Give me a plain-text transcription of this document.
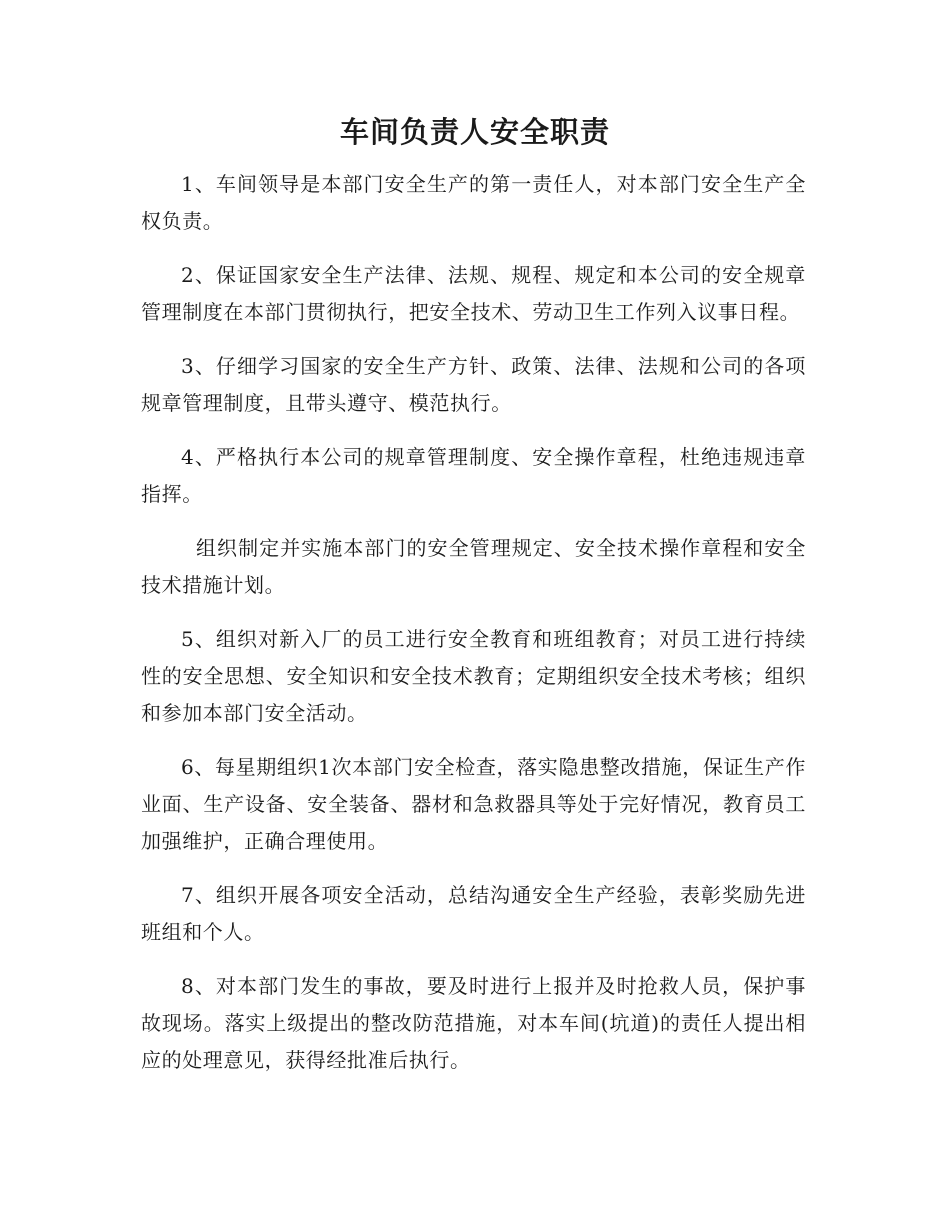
车间负责人安全职责

1、车间领导是本部门安全生产的第一责任人，对本部门安全生产全权负责。

2、保证国家安全生产法律、法规、规程、规定和本公司的安全规章管理制度在本部门贯彻执行，把安全技术、劳动卫生工作列入议事日程。

3、仔细学习国家的安全生产方针、政策、法律、法规和公司的各项规章管理制度，且带头遵守、模范执行。

4、严格执行本公司的规章管理制度、安全操作章程，杜绝违规违章指挥。

组织制定并实施本部门的安全管理规定、安全技术操作章程和安全技术措施计划。

5、组织对新入厂的员工进行安全教育和班组教育；对员工进行持续性的安全思想、安全知识和安全技术教育；定期组织安全技术考核；组织和参加本部门安全活动。

6、每星期组织1次本部门安全检查，落实隐患整改措施，保证生产作业面、生产设备、安全装备、器材和急救器具等处于完好情况，教育员工加强维护，正确合理使用。

7、组织开展各项安全活动，总结沟通安全生产经验，表彰奖励先进班组和个人。

8、对本部门发生的事故，要及时进行上报并及时抢救人员，保护事故现场。落实上级提出的整改防范措施，对本车间(坑道)的责任人提出相应的处理意见，获得经批准后执行。
